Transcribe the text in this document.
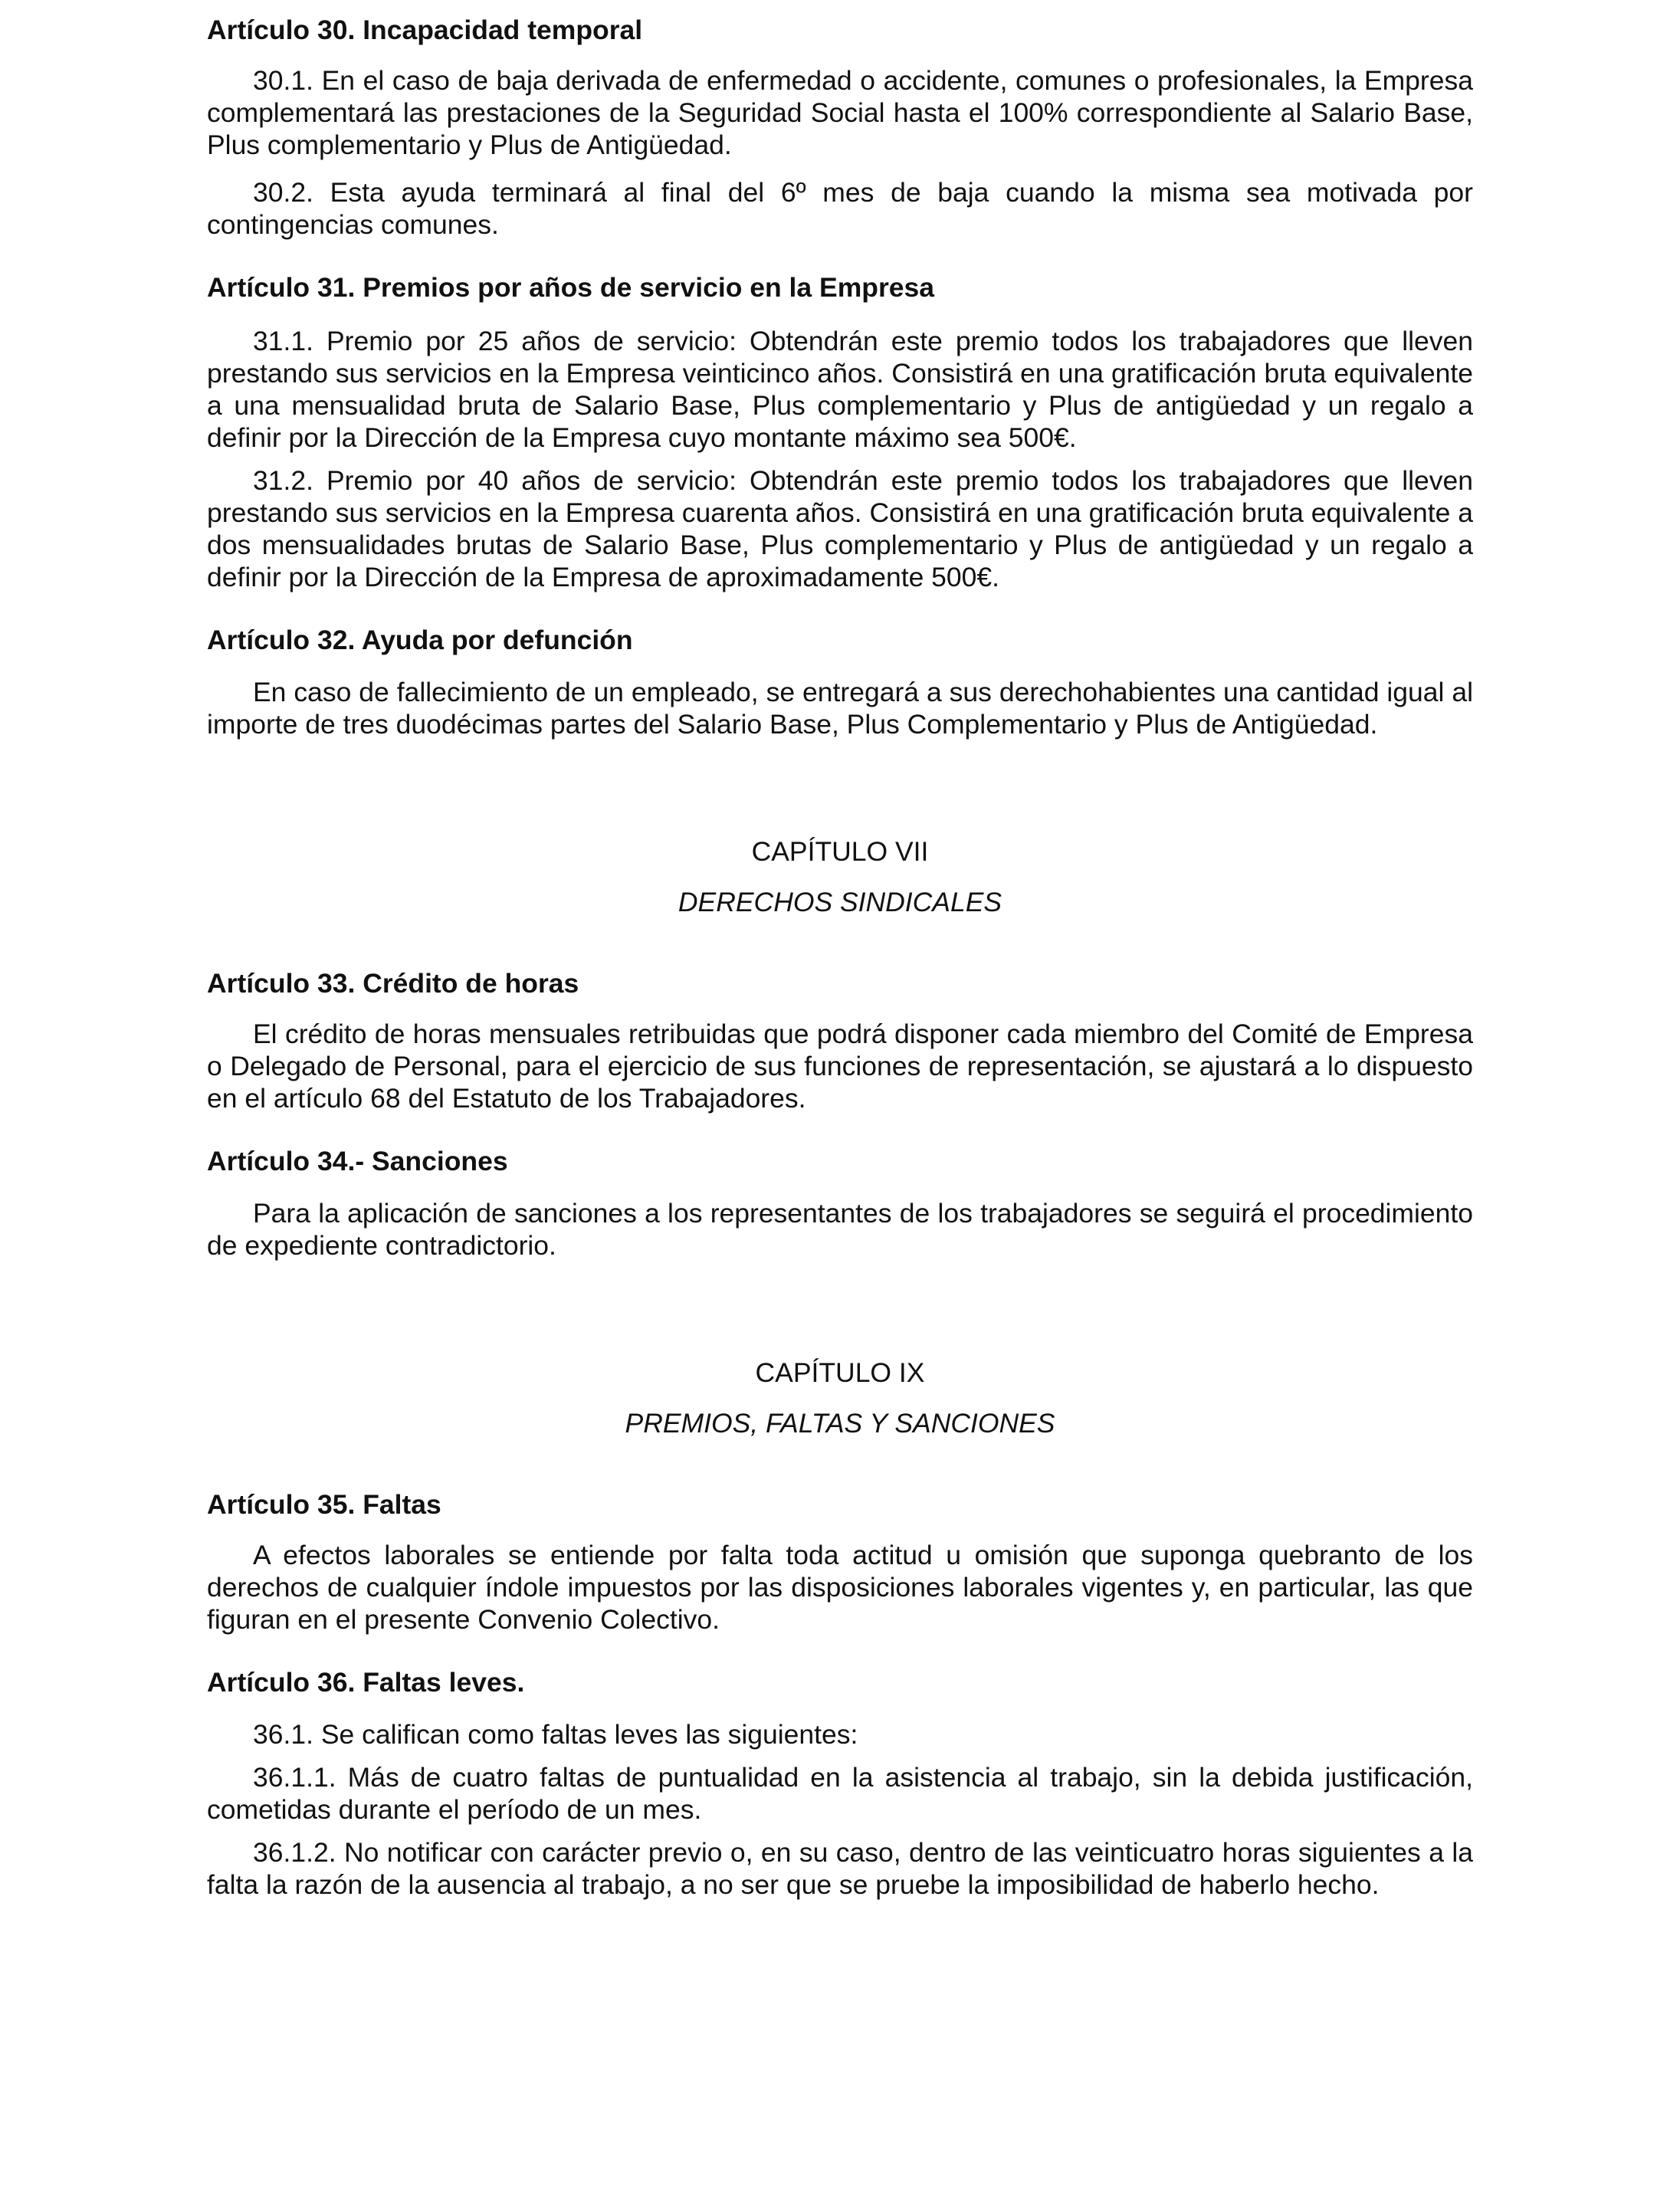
Artículo 30. Incapacidad temporal

30.1. En el caso de baja derivada de enfermedad o accidente, comunes o profesionales, la Empresa complementará las prestaciones de la Seguridad Social hasta el 100% correspondiente al Salario Base, Plus complementario y Plus de Antigüedad.

30.2. Esta ayuda terminará al final del 6º mes de baja cuando la misma sea motivada por contingencias comunes.

Artículo 31. Premios por años de servicio en la Empresa

31.1. Premio por 25 años de servicio: Obtendrán este premio todos los trabajadores que lleven prestando sus servicios en la Empresa veinticinco años. Consistirá en una gratificación bruta equivalente a una mensualidad bruta de Salario Base, Plus complementario y Plus de antigüedad y un regalo a definir por la Dirección de la Empresa cuyo montante máximo sea 500€.

31.2. Premio por 40 años de servicio: Obtendrán este premio todos los trabajadores que lleven prestando sus servicios en la Empresa cuarenta años. Consistirá en una gratificación bruta equivalente a dos mensualidades brutas de Salario Base, Plus complementario y Plus de antigüedad y un regalo a definir por la Dirección de la Empresa de aproximadamente 500€.

Artículo 32. Ayuda por defunción

En caso de fallecimiento de un empleado, se entregará a sus derechohabientes una cantidad igual al importe de tres duodécimas partes del Salario Base, Plus Complementario y Plus de Antigüedad.

CAPÍTULO VII

DERECHOS SINDICALES

Artículo 33. Crédito de horas

El crédito de horas mensuales retribuidas que podrá disponer cada miembro del Comité de Empresa o Delegado de Personal, para el ejercicio de sus funciones de representación, se ajustará a lo dispuesto en el artículo 68 del Estatuto de los Trabajadores.

Artículo 34.- Sanciones

Para la aplicación de sanciones a los representantes de los trabajadores se seguirá el procedimiento de expediente contradictorio.

CAPÍTULO IX

PREMIOS, FALTAS Y SANCIONES

Artículo 35. Faltas

A efectos laborales se entiende por falta toda actitud u omisión que suponga quebranto de los derechos de cualquier índole impuestos por las disposiciones laborales vigentes y, en particular, las que figuran en el presente Convenio Colectivo.

Artículo 36. Faltas leves.

36.1. Se califican como faltas leves las siguientes:

36.1.1. Más de cuatro faltas de puntualidad en la asistencia al trabajo, sin la debida justificación, cometidas durante el período de un mes.

36.1.2. No notificar con carácter previo o, en su caso, dentro de las veinticuatro horas siguientes a la falta la razón de la ausencia al trabajo, a no ser que se pruebe la imposibilidad de haberlo hecho.
